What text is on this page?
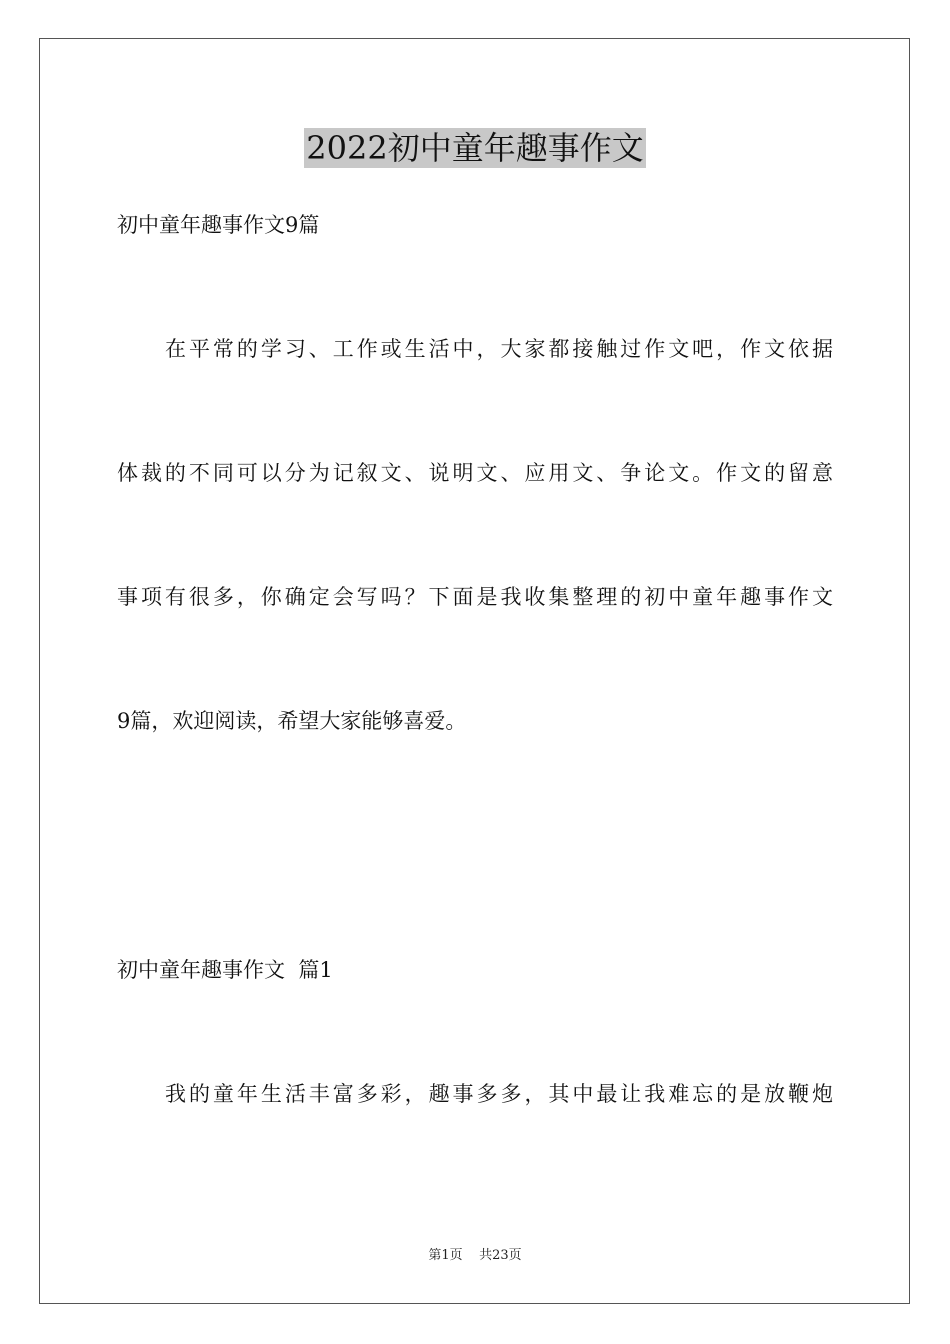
2022初中童年趣事作文
初中童年趣事作文9篇
在平常的学习、工作或生活中，大家都接触过作文吧，作文依据
体裁的不同可以分为记叙文、说明文、应用文、争论文。作文的留意
事项有很多，你确定会写吗？下面是我收集整理的初中童年趣事作文
9篇，欢迎阅读，希望大家能够喜爱。
初中童年趣事作文  篇1
我的童年生活丰富多彩，趣事多多，其中最让我难忘的是放鞭炮
第1页    共23页
